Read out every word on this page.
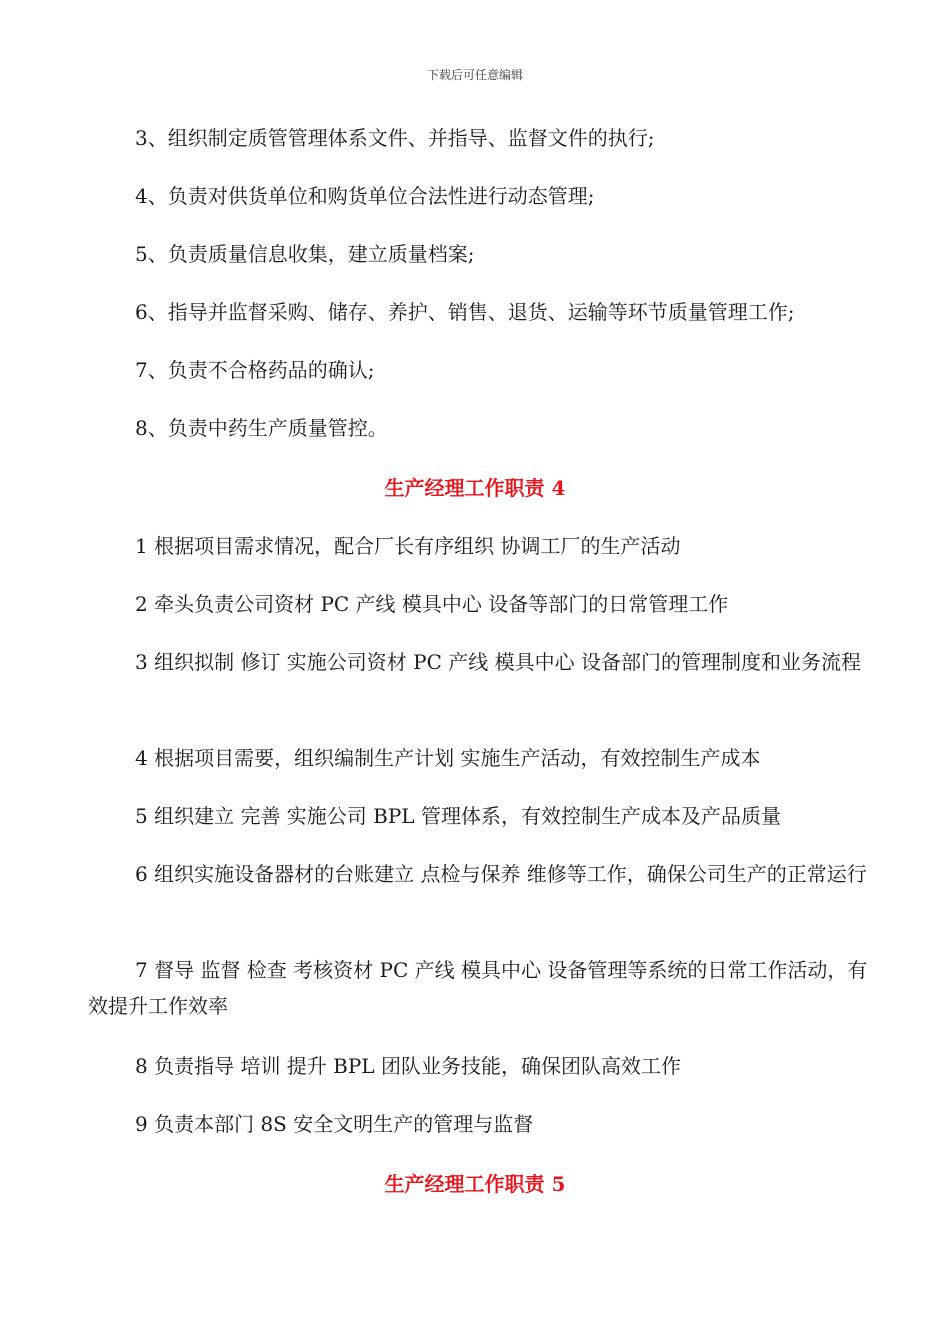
下载后可任意编辑
3、组织制定质管管理体系文件、并指导、监督文件的执行;
4、负责对供货单位和购货单位合法性进行动态管理;
5、负责质量信息收集，建立质量档案;
6、指导并监督采购、储存、养护、销售、退货、运输等环节质量管理工作;
7、负责不合格药品的确认;
8、负责中药生产质量管控。
生产经理工作职责 4
1 根据项目需求情况，配合厂长有序组织 协调工厂的生产活动
2 牵头负责公司资材 PC 产线 模具中心 设备等部门的日常管理工作
3 组织拟制 修订 实施公司资材 PC 产线 模具中心 设备部门的管理制度和业务流程
4 根据项目需要，组织编制生产计划 实施生产活动，有效控制生产成本
5 组织建立 完善 实施公司 BPL 管理体系，有效控制生产成本及产品质量
6 组织实施设备器材的台账建立 点检与保养 维修等工作，确保公司生产的正常运行
7 督导 监督 检查 考核资材 PC 产线 模具中心 设备管理等系统的日常工作活动，有效提升工作效率
8 负责指导 培训 提升 BPL 团队业务技能，确保团队高效工作
9 负责本部门 8S 安全文明生产的管理与监督
生产经理工作职责 5
